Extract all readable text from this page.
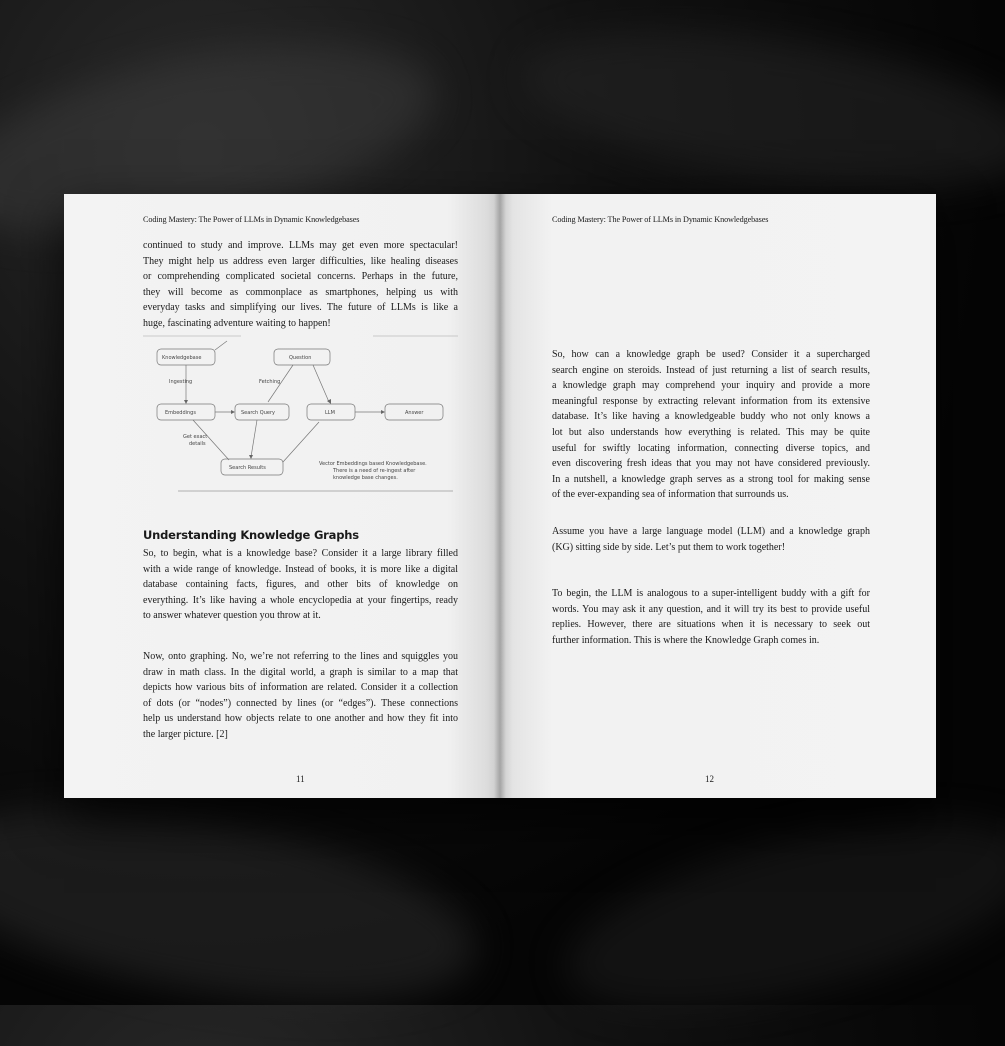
Coding Mastery: The Power of LLMs in Dynamic Knowledgebases
continued to study and improve. LLMs may get even more spectacular!
They might help us address even larger difficulties, like healing diseases
or comprehending complicated societal concerns. Perhaps in the future,
they will become as commonplace as smartphones, helping us with
everyday tasks and simplifying our lives. The future of LLMs is like a
huge, fascinating adventure waiting to happen!
Knowledgebase	Question
Embeddings	Search Query	LLM	Answer
Search Results
Ingesting	Fetching
Get exact
details
Vector Embeddings based Knowledgebase.
There is a need of re-ingest after
knowledge base changes.
Understanding Knowledge Graphs
So, to begin, what is a knowledge base? Consider it a large library filled
with a wide range of knowledge. Instead of books, it is more like a digital
database containing facts, figures, and other bits of knowledge on
everything. It’s like having a whole encyclopedia at your fingertips, ready
to answer whatever question you throw at it.
Now, onto graphing. No, we’re not referring to the lines and squiggles you
draw in math class. In the digital world, a graph is similar to a map that
depicts how various bits of information are related. Consider it a collection
of dots (or “nodes”) connected by lines (or “edges”). These connections
help us understand how objects relate to one another and how they fit into
the larger picture. [2]
11
Coding Mastery: The Power of LLMs in Dynamic Knowledgebases
So, how can a knowledge graph be used? Consider it a supercharged
search engine on steroids. Instead of just returning a list of search results,
a knowledge graph may comprehend your inquiry and provide a more
meaningful response by extracting relevant information from its extensive
database. It’s like having a knowledgeable buddy who not only knows a
lot but also understands how everything is related. This may be quite
useful for swiftly locating information, connecting diverse topics, and
even discovering fresh ideas that you may not have considered previously.
In a nutshell, a knowledge graph serves as a strong tool for making sense
of the ever-expanding sea of information that surrounds us.
Assume you have a large language model (LLM) and a knowledge graph
(KG) sitting side by side. Let’s put them to work together!
To begin, the LLM is analogous to a super-intelligent buddy with a gift for
words. You may ask it any question, and it will try its best to provide useful
replies. However, there are situations when it is necessary to seek out
further information. This is where the Knowledge Graph comes in.
12
